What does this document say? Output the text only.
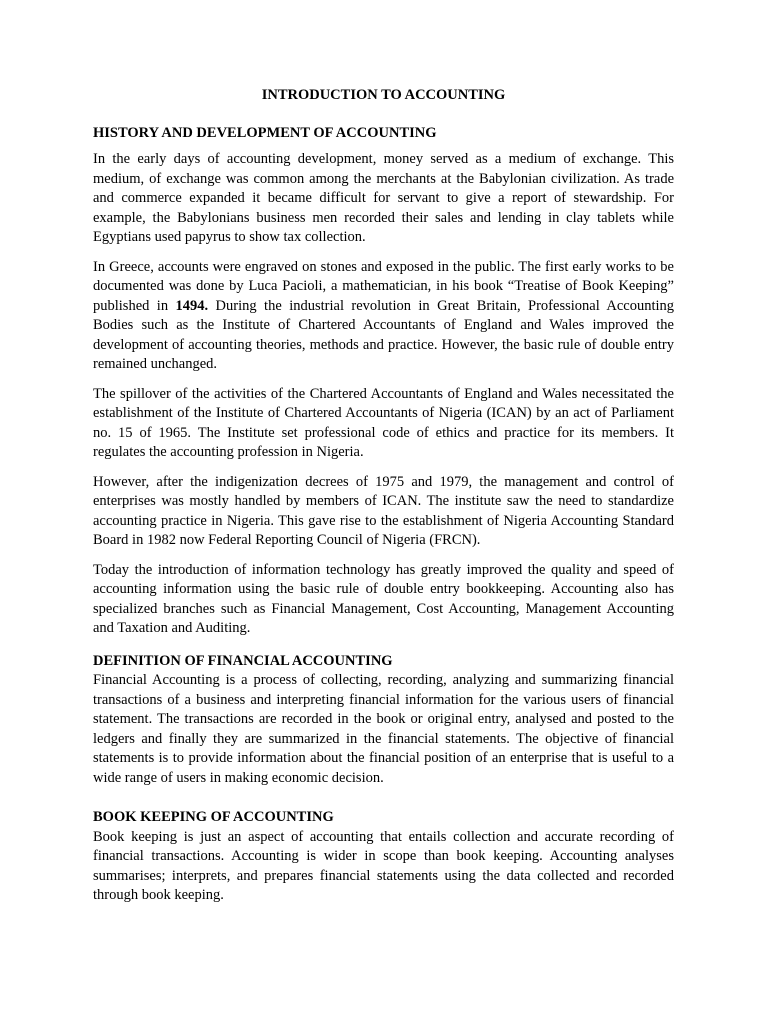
INTRODUCTION TO ACCOUNTING
HISTORY AND DEVELOPMENT OF ACCOUNTING

In the early days of accounting development, money served as a medium of exchange. This medium, of exchange was common among the merchants at the Babylonian civilization. As trade and commerce expanded it became difficult for servant to give a report of stewardship. For example, the Babylonians business men recorded their sales and lending in clay tablets while Egyptians used papyrus to show tax collection.

In Greece, accounts were engraved on stones and exposed in the public. The first early works to be documented was done by Luca Pacioli, a mathematician, in his book “Treatise of Book Keeping” published in 1494. During the industrial revolution in Great Britain, Professional Accounting Bodies such as the Institute of Chartered Accountants of England and Wales improved the development of accounting theories, methods and practice. However, the basic rule of double entry remained unchanged.

The spillover of the activities of the Chartered Accountants of England and Wales necessitated the establishment of the Institute of Chartered Accountants of Nigeria (ICAN) by an act of Parliament no. 15 of 1965. The Institute set professional code of ethics and practice for its members. It regulates the accounting profession in Nigeria.

However, after the indigenization decrees of 1975 and 1979, the management and control of enterprises was mostly handled by members of ICAN. The institute saw the need to standardize accounting practice in Nigeria. This gave rise to the establishment of Nigeria Accounting Standard Board in 1982 now Federal Reporting Council of Nigeria (FRCN).

Today the introduction of information technology has greatly improved the quality and speed of accounting information using the basic rule of double entry bookkeeping. Accounting also has specialized branches such as Financial Management, Cost Accounting, Management Accounting and Taxation and Auditing.

DEFINITION OF FINANCIAL ACCOUNTING

Financial Accounting is a process of collecting, recording, analyzing and summarizing financial transactions of a business and interpreting financial information for the various users of financial statement. The transactions are recorded in the book or original entry, analysed and posted to the ledgers and finally they are summarized in the financial statements. The objective of financial statements is to provide information about the financial position of an enterprise that is useful to a wide range of users in making economic decision.

BOOK KEEPING OF ACCOUNTING

Book keeping is just an aspect of accounting that entails collection and accurate recording of financial transactions. Accounting is wider in scope than book keeping. Accounting analyses summarises; interprets, and prepares financial statements using the data collected and recorded through book keeping.
